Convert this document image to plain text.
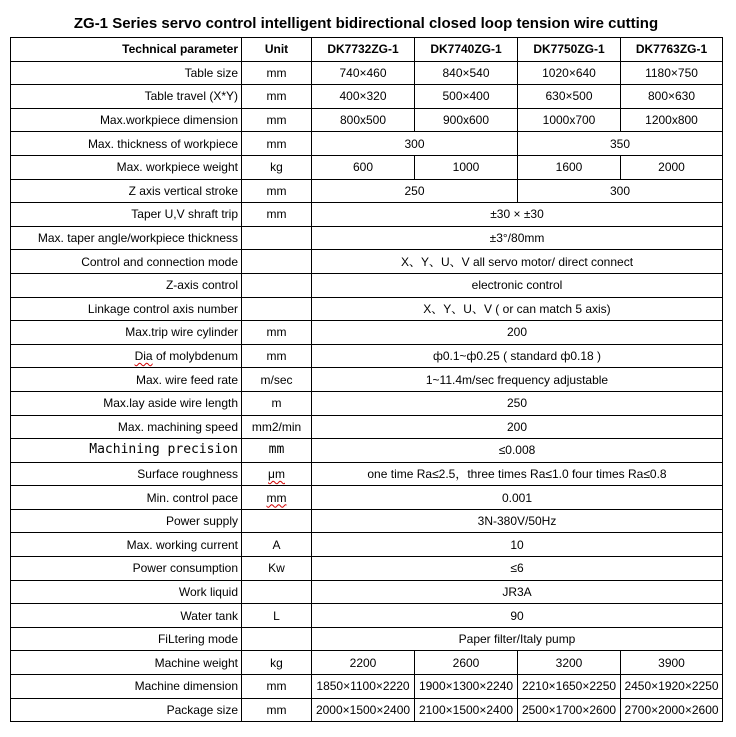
ZG-1 Series servo control intelligent bidirectional closed loop tension wire cutting
Technical parameter	Unit	DK7732ZG-1	DK7740ZG-1	DK7750ZG-1	DK7763ZG-1
Table size	mm	740×460	840×540	1020×640	1180×750
Table travel (X*Y)	mm	400×320	500×400	630×500	800×630
Max.workpiece dimension	mm	800x500	900x600	1000x700	1200x800
Max. thickness of workpiece	mm	300		350	
Max. workpiece weight	kg	600	1000	1600	2000
Z axis vertical stroke	mm	250		300	
Taper U,V shraft trip	mm	±30 × ±30			
Max. taper angle/workpiece thickness		±3°/80mm			
Control and connection mode		X、Y、U、V all servo motor/ direct connect			
Z-axis control		electronic control			
Linkage control axis number		X、Y、U、V ( or can match 5 axis)			
Max.trip wire cylinder	mm	200			
Dia of molybdenum	mm	ф0.1~ф0.25 ( standard ф0.18 )			
Max. wire feed rate	m/sec	1~11.4m/sec frequency adjustable			
Max.lay aside wire length	m	250			
Max. machining speed	mm2/min	200			
Machining precision	mm	≤0.008			
Surface roughness	μm	one time Ra≤2.5，three times Ra≤1.0 four times Ra≤0.8			
Min. control pace	mm	0.001			
Power supply		3N-380V/50Hz			
Max. working current	A	10			
Power consumption	Kw	≤6			
Work liquid		JR3A			
Water tank	L	90			
FiLtering mode		Paper filter/Italy pump			
Machine weight	kg	2200	2600	3200	3900
Machine dimension	mm	1850×1100×2220	1900×1300×2240	2210×1650×2250	2450×1920×2250
Package size	mm	2000×1500×2400	2100×1500×2400	2500×1700×2600	2700×2000×2600
